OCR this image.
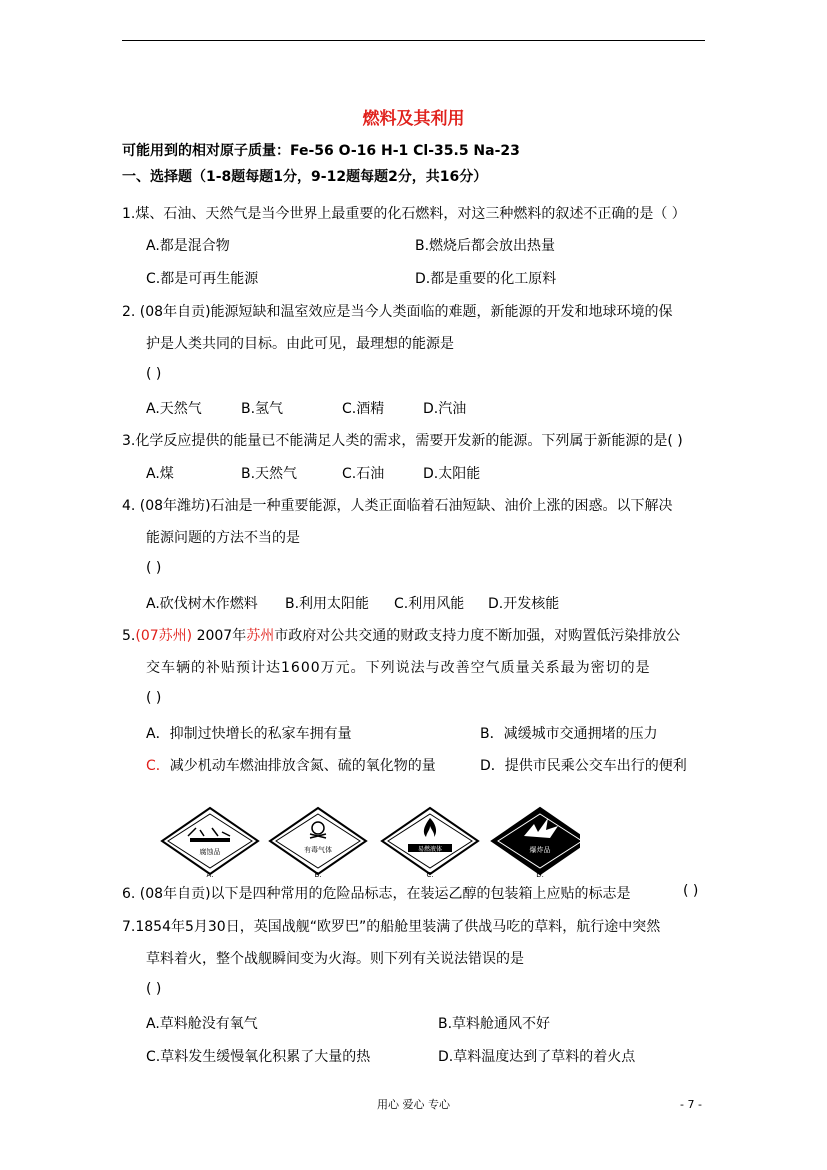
燃料及其利用
可能用到的相对原子质量：Fe-56 O-16 H-1 Cl-35.5 Na-23
一、选择题（1-8题每题1分，9-12题每题2分，共16分）
1.煤、石油、天然气是当今世界上最重要的化石燃料，对这三种燃料的叙述不正确的是（ ）
A.都是混合物	B.燃烧后都会放出热量
C.都是可再生能源	D.都是重要的化工原料
2. (08年自贡)能源短缺和温室效应是当今人类面临的难题，新能源的开发和地球环境的保
护是人类共同的目标。由此可见，最理想的能源是
( )
A.天然气	B.氢气	C.酒精	D.汽油
3.化学反应提供的能量已不能满足人类的需求，需要开发新的能源。下列属于新能源的是( )
A.煤	B.天然气	C.石油	D.太阳能
4. (08年潍坊)石油是一种重要能源，人类正面临着石油短缺、油价上涨的困惑。以下解决
能源问题的方法不当的是
( )
A.砍伐树木作燃料 B.利用太阳能 C.利用风能 D.开发核能
5.(07苏州) 2007年苏州市政府对公共交通的财政支持力度不断加强，对购置低污染排放公
交车辆的补贴预计达1600万元。下列说法与改善空气质量关系最为密切的是
( )
A．抑制过快增长的私家车拥有量	B．减缓城市交通拥堵的压力
C．减少机动车燃油排放含氮、硫的氧化物的量	D．提供市民乘公交车出行的便利
腐蚀品
A.
有毒气体
B.
易燃液体
C.
爆炸品
D.
6. (08年自贡)以下是四种常用的危险品标志，在装运乙醇的包装箱上应贴的标志是	( )
7.1854年5月30日，英国战舰“欧罗巴”的船舱里装满了供战马吃的草料，航行途中突然
草料着火，整个战舰瞬间变为火海。则下列有关说法错误的是
( )
A.草料舱没有氧气	B.草料舱通风不好
C.草料发生缓慢氧化积累了大量的热	D.草料温度达到了草料的着火点
用心 爱心 专心	- 7 -
